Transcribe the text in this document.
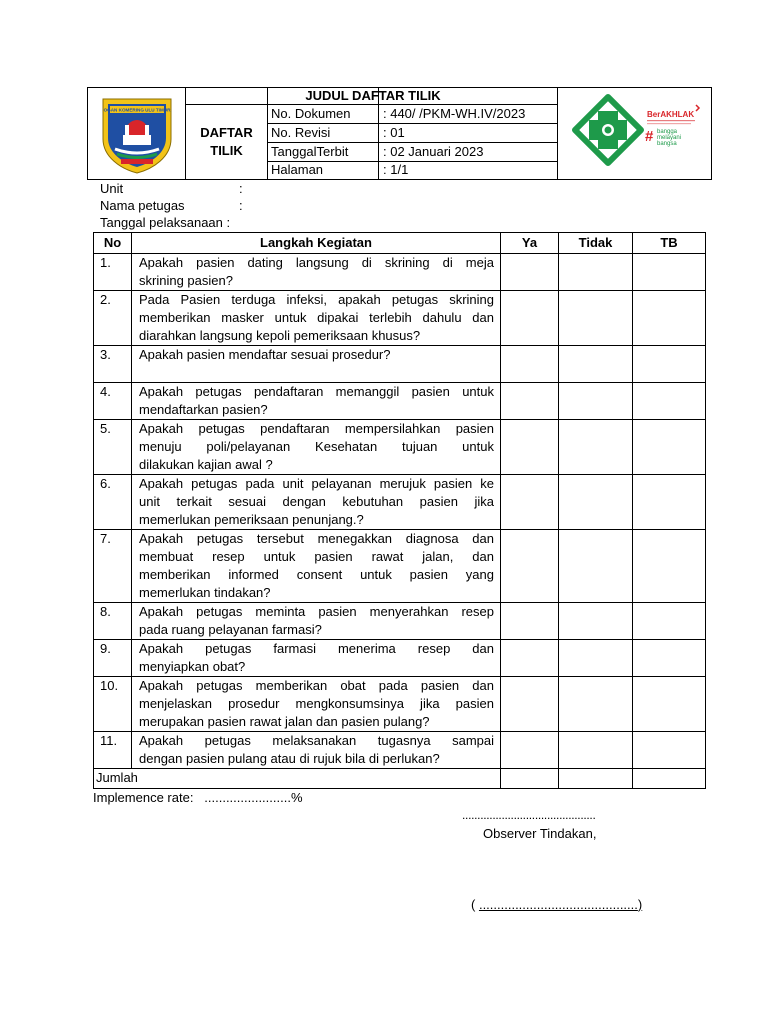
OGAN KOMERING ULU TIMUR
JUDUL DAFTAR TILIK
DAFTAR
TILIK
No. Dokumen	: 440/ /PKM-WH.IV/2023
No. Revisi	: 01
TanggalTerbit	: 02 Januari 2023
Halaman	: 1/1
BerAKHLAK
# bangga
melayani
bangsa
Unit	:
Nama petugas	:
Tanggal pelaksanaan :
No	Langkah Kegiatan	Ya	Tidak	TB
1.	Apakah pasien dating langsung di skrining di meja
skrining pasien?			

2.	Pada Pasien terduga infeksi, apakah petugas skrining
memberikan masker untuk dipakai terlebih dahulu dan
diarahkan langsung kepoli pemeriksaan khusus?			

3.	Apakah pasien mendaftar sesuai prosedur?			

4.	Apakah petugas pendaftaran memanggil pasien untuk
mendaftarkan pasien?			

5.	Apakah petugas pendaftaran mempersilahkan pasien
menuju poli/pelayanan Kesehatan tujuan untuk
dilakukan kajian awal ?			

6.	Apakah petugas pada unit pelayanan merujuk pasien ke
unit terkait sesuai dengan kebutuhan pasien jika
memerlukan pemeriksaan penunjang.?			

7.	Apakah petugas tersebut menegakkan diagnosa dan
membuat resep untuk pasien rawat jalan, dan
memberikan informed consent untuk pasien yang
memerlukan tindakan?			

8.	Apakah petugas meminta pasien menyerahkan resep
pada ruang pelayanan farmasi?			

9.	Apakah petugas farmasi menerima resep dan
menyiapkan obat?			

10.	Apakah petugas memberikan obat pada pasien dan
menjelaskan prosedur mengkonsumsinya jika pasien
merupakan pasien rawat jalan dan pasien pulang?			

11.	Apakah petugas melaksanakan tugasnya sampai
dengan pasien pulang atau di rujuk bila di perlukan?			

Jumlah				
Implemence rate:   ........................%
............................................
Observer Tindakan,
( ............................................)
